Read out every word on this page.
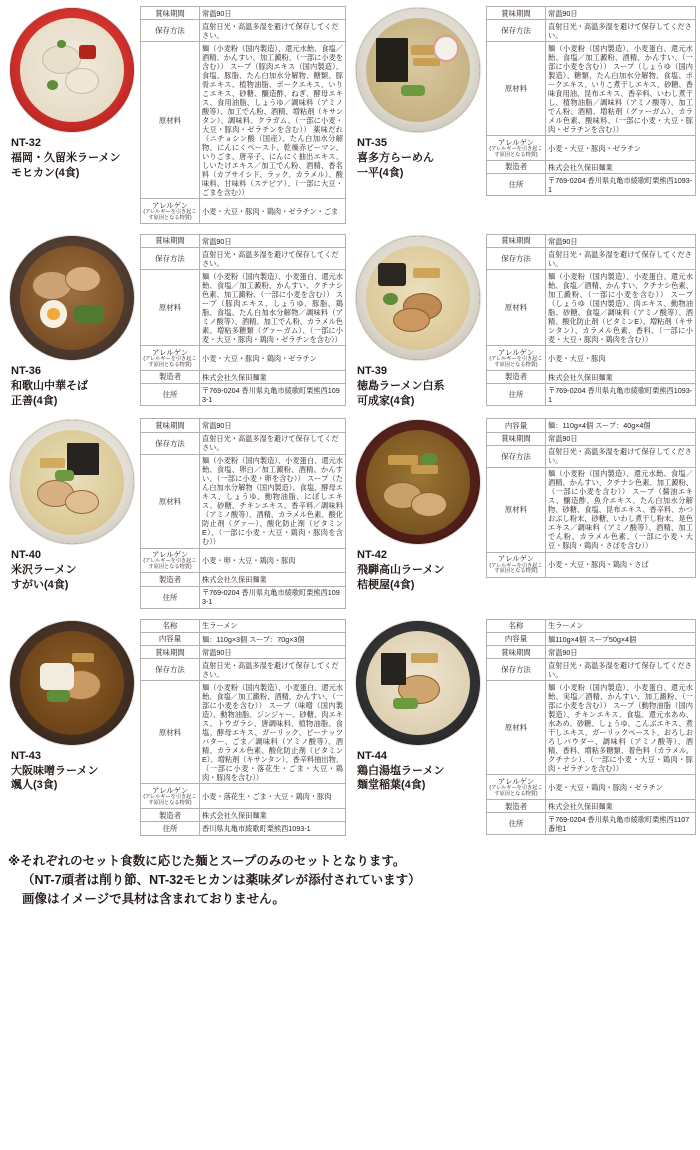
NT-32
福岡・久留米ラーメン
モヒカン(4食)
賞味期間	常温90日
保存方法	直射日光・高温多湿を避けて保存してください。
原材料	麺（小麦粉（国内製造）、還元水飴、食塩／酒精、かんすい、加工澱粉、（一部に小麦を含む）） スープ（豚肉エキス（国内製造）、食塩、豚脂、たん白加水分解物、糖類、豚骨エキス、植物油脂、ポークエキス、いりこエキス、砂糖、醸造酢、ねぎ、酵母エキス、食用油脂、しょうゆ／調味料（アミノ酸等）、加工でん粉、酒精、増粘剤（キサンタン）、調味料、クラガム、（一部に小麦・大豆・豚肉・ゼラチンを含む）） 薬味だれ（ニチョシン酸（国産）、たん白加水分解物、にんにくペースト、乾燥赤ピーマン、いりごま、唐辛子、にんにく抽出エキス、しいたけエキス／加工でん粉、酒精、香名料（カプサイシド、ラック、カラメル）、酸味料、甘味料（ステビア）、（一部に大豆・ごまを含む））
アレルゲン
(アレルギーを引き起こす原因となる物質)	小麦・大豆・豚肉・鶏肉・ゼラチン・ごま
NT-35
喜多方らーめん
一平(4食)
賞味期間	常温90日
保存方法	直射日光・高温多湿を避けて保存してください。
原材料	麺（小麦粉（国内製造）、小麦蛋白、還元水飴、食塩／加工澱粉、酒精、かんすい、（一部に小麦を含む）） スープ（しょうゆ（国内製造）、糖類、たん白加水分解物、食塩、ポークエキス、いりこ煮干しエキス、砂糖、香味食用油、昆布エキス、香辛料、いわし煮干し、植物油脂／調味料（アミノ酸等）、加工でん粉、酒精、増粘剤（グァーガム）、カラメル色素、酸味料、（一部に小麦・大豆・豚肉・ゼラチンを含む））
アレルゲン
(アレルギーを引き起こす原因となる物質)	小麦・大豆・豚肉・ゼラチン
製造者	株式会社久保田麺業
住所	〒769-0204 香川県丸亀市綾歌町栗熊西1093-1
NT-36
和歌山中華そば
正善(4食)
賞味期間	常温90日
保存方法	直射日光・高温多湿を避けて保存してください。
原材料	麺（小麦粉（国内製造）、小麦蛋白、還元水飴、食塩／加工澱粉、かんすい、クチナシ色素、加工澱粉、（一部に小麦を含む）） スープ（豚肉エキス、しょうゆ、豚脂、鶏脂、食塩、たん白加水分解物／調味料（アミノ酸等）、酒精、加工でん粉、カラメル色素、増粘多糖類（グァーガム）、（一部に小麦・大豆・豚肉・鶏肉・ゼラチンを含む））
アレルゲン
(アレルギーを引き起こす原因となる物質)	小麦・大豆・豚肉・鶏肉・ゼラチン
製造者	株式会社久保田麺業
住所	〒769-0204 香川県丸亀市綾歌町栗熊西1093-1
NT-39
徳島ラーメン白系
可成家(4食)
賞味期間	常温90日
保存方法	直射日光・高温多湿を避けて保存してください。
原材料	麺（小麦粉（国内製造）、小麦蛋白、還元水飴、食塩／酒精、かんすい、クチナシ色素、加工澱粉、（一部に小麦を含む）） スープ（しょうゆ（国内製造）、肉エキス、動物油脂、砂糖、食塩／調味料（アミノ酸等）、酒精、酸化防止剤（ビタミンE）、増粘剤（キサンタン）、カラメル色素、香料、（一部に小麦・大豆・豚肉・鶏肉を含む））
アレルゲン
(アレルギーを引き起こす原因となる物質)	小麦・大豆・豚肉
製造者	株式会社久保田麺業
住所	〒769-0204 香川県丸亀市綾歌町栗熊西1093-1
NT-40
米沢ラーメン
すがい(4食)
賞味期間	常温90日
保存方法	直射日光・高温多湿を避けて保存してください。
原材料	麺（小麦粉（国内製造）、小麦蛋白、還元水飴、食塩、卵白／加工澱粉、酒精、かんすい、（一部に小麦・卵を含む）） スープ（たん白加水分解物（国内製造）、食塩、酵母エキス、しょうゆ、動物油脂、にぼしエキス、砂糖、チキンエキス、香辛料／調味料（アミノ酸等）、酒精、カラメル色素、酸化防止剤（グァー）、酸化防止剤（ビタミンE）、（一部に小麦・大豆・鶏肉・豚肉を含む））
アレルゲン
(アレルギーを引き起こす原因となる物質)	小麦・卵・大豆・鶏肉・豚肉
製造者	株式会社久保田麺業
住所	〒769-0204 香川県丸亀市綾歌町栗熊西1093-1
NT-42
飛騨高山ラーメン
桔梗屋(4食)
内容量	麺：110g×4個 スープ：40g×4個
賞味期間	常温90日
保存方法	直射日光・高温多湿を避けて保存してください。
原材料	麺（小麦粉（国内製造）、還元水飴、食塩／酒精、かんすい、クチナシ色素、加工澱粉、（一部に小麦を含む）） スープ（醤油エキス、醸造酢、魚介エキス、たん白加水分解物、砂糖、食塩、昆布エキス、香辛料、かつおぶし粉末、砂糖、いわし煮干し粉末、是色エキス／調味料（アミノ酸等）、酒精、加工でん粉、カラメル色素、（一部に小麦・大豆・豚肉・鶏肉・さばを含む））
アレルゲン
(アレルギーを引き起こす原因となる物質)	小麦・大豆・豚肉・鶏肉・さば
NT-43
大阪味噌ラーメン
颯人(3食)
名称	生ラーメン
内容量	麺：110g×3個 スープ：70g×3個
賞味期間	常温90日
保存方法	直射日光・高温多湿を避けて保存してください。
原材料	麺（小麦粉（国内製造）、小麦蛋白、還元水飴、食塩／加工澱粉、酒精、かんすい、（一部に小麦を含む）） スープ（味噌（国内製造）、動物油脂、ジンジャー、砂糖、肉エキス、トウガラシ、唐調味料、植物油脂、食塩、酵母エキス、ガーリック、ピーナッツバター、ごま／調味料（アミノ酸等）、酒精、カラメル色素、酸化防止剤（ビタミンE）、増粘剤（キサンタン）、香辛料抽出物、（一部に小麦・落花生・ごま・大豆・鶏肉・豚肉を含む））
アレルゲン
(アレルギーを引き起こす原因となる物質)	小麦・落花生・ごま・大豆・鶏肉・豚肉
製造者	株式会社久保田麺業
住所	香川県丸亀市綾歌町栗熊西1093-1
NT-44
鶏白湯塩ラーメン
麺堂稲葉(4食)
名称	生ラーメン
内容量	麺110g×4個 スープ50g×4個
賞味期間	常温90日
保存方法	直射日光・高温多湿を避けて保存してください。
原材料	麺（小麦粉（国内製造）、小麦蛋白、還元水飴、実塩／酒精、かんすい、加工澱粉、（一部に小麦を含む）） スープ（動物油脂（国内製造）、チキンエキス、食塩、還元水あめ、水あめ、砂糖、しょうゆ、こんぶエキス、煮干しエキス、ガーリックペースト、おろしおろしパウダー、調味料（アミノ酸等）、酒精、香料、増粘多糖類、着色料（カラメル、クチナシ）、（一部に小麦・大豆・鶏肉・豚肉・ゼラチンを含む））
アレルゲン
(アレルギーを引き起こす原因となる物質)	小麦・大豆・鶏肉・豚肉・ゼラチン
製造者	株式会社久保田麺業
住所	〒769-0204 香川県丸亀市綾歌町栗熊西1107番地1
※それぞれのセット食数に応じた麺とスープのみのセットとなります。
（NT-7頑者は削り節、NT-32モヒカンは薬味ダレが添付されています）
画像はイメージで具材は含まれておりません。
